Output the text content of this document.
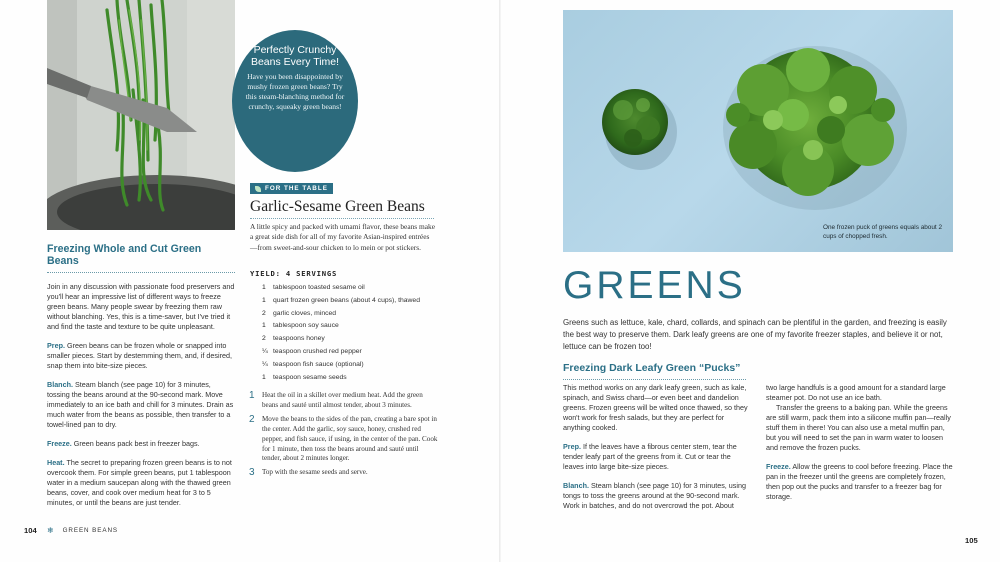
Perfectly Crunchy Beans Every Time!
Have you been disappointed by mushy frozen green beans? Try this steam-blanching method for crunchy, squeaky green beans!
Freezing Whole and Cut Green Beans

Join in any discussion with passionate food preservers and you'll hear an impressive list of different ways to freeze green beans. Many people swear by freezing them raw without blanching. Yes, this is a time-saver, but I've tried it and find the taste and texture to be quite unpleasant.

Prep. Green beans can be frozen whole or snapped into smaller pieces. Start by destemming them, and, if desired, snap them into bite-size pieces.

Blanch. Steam blanch (see page 10) for 3 minutes, tossing the beans around at the 90-second mark. Move immediately to an ice bath and chill for 3 minutes. Drain as much water from the beans as possible, then transfer to a towel-lined pan to dry.

Freeze. Green beans pack best in freezer bags.

Heat. The secret to preparing frozen green beans is to not overcook them. For simple green beans, put 1 tablespoon water in a medium saucepan along with the thawed green beans, cover, and cook over medium heat for 3 to 5 minutes, or until the beans are just tender.

FOR THE TABLE
Garlic-Sesame Green Beans
A little spicy and packed with umami flavor, these beans make a great side dish for all of my favorite Asian-inspired entrées—from sweet-and-sour chicken to lo mein or pot stickers.
YIELD: 4 SERVINGS
1	tablespoon toasted sesame oil
1	quart frozen green beans (about 4 cups), thawed
2	garlic cloves, minced
1	tablespoon soy sauce
2	teaspoons honey
¼ teaspoon crushed red pepper
¼ teaspoon fish sauce (optional)
1	teaspoon sesame seeds
1	Heat the oil in a skillet over medium heat. Add the green beans and sauté until almost tender, about 3 minutes.
2	Move the beans to the sides of the pan, creating a bare spot in the center. Add the garlic, soy sauce, honey, crushed red pepper, and fish sauce, if using, in the center of the pan. Cook for 1 minute, then toss the beans around and sauté until tender, about 2 minutes longer.
3	Top with the sesame seeds and serve.
104 ❄ GREEN BEANS
One frozen puck of greens equals about 2 cups of chopped fresh.
GREENS
Greens such as lettuce, kale, chard, collards, and spinach can be plentiful in the garden, and freezing is easily the best way to preserve them. Dark leafy greens are one of my favorite freezer staples, and believe it or not, lettuce can be frozen too!
Freezing Dark Leafy Green “Pucks”

This method works on any dark leafy green, such as kale, spinach, and Swiss chard—or even beet and dandelion greens. Frozen greens will be wilted once thawed, so they won't work for fresh salads, but they are perfect for anything cooked.

Prep. If the leaves have a fibrous center stem, tear the tender leafy part of the greens from it. Cut or tear the leaves into large bite-size pieces.

Blanch. Steam blanch (see page 10) for 3 minutes, using tongs to toss the greens around at the 90-second mark. Work in batches, and do not overcrowd the pot. About

two large handfuls is a good amount for a standard large steamer pot. Do not use an ice bath.

Transfer the greens to a baking pan. While the greens are still warm, pack them into a silicone muffin pan—really stuff them in there! You can also use a metal muffin pan, but you will need to set the pan in warm water to loosen and remove the frozen pucks.

Freeze. Allow the greens to cool before freezing. Place the pan in the freezer until the greens are completely frozen, then pop out the pucks and transfer to a freezer bag for storage.

105
